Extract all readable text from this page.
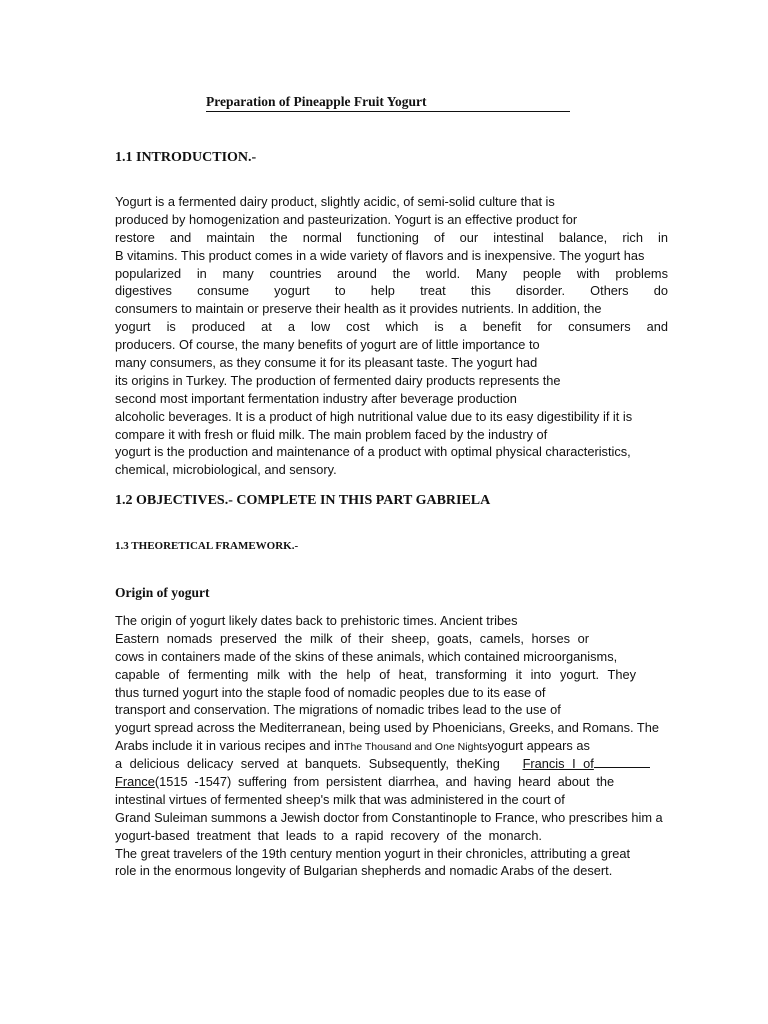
Preparation of Pineapple Fruit Yogurt
1.1 INTRODUCTION.-
Yogurt is a fermented dairy product, slightly acidic, of semi-solid culture that is
produced by homogenization and pasteurization. Yogurt is an effective product for
restore and maintain the normal functioning of our intestinal balance, rich in
B vitamins. This product comes in a wide variety of flavors and is inexpensive. The yogurt has
popularized in many countries around the world. Many people with problems
digestives consume yogurt to help treat this disorder. Others do
consumers to maintain or preserve their health as it provides nutrients. In addition, the
yogurt is produced at a low cost which is a benefit for consumers and
producers. Of course, the many benefits of yogurt are of little importance to
many consumers, as they consume it for its pleasant taste. The yogurt had
its origins in Turkey. The production of fermented dairy products represents the
second most important fermentation industry after beverage production
alcoholic beverages. It is a product of high nutritional value due to its easy digestibility if it is
compare it with fresh or fluid milk. The main problem faced by the industry of
yogurt is the production and maintenance of a product with optimal physical characteristics,
chemical, microbiological, and sensory.
1.2 OBJECTIVES.- COMPLETE IN THIS PART GABRIELA
1.3 THEORETICAL FRAMEWORK.-
Origin of yogurt
The origin of yogurt likely dates back to prehistoric times. Ancient tribes
Eastern nomads preserved the milk of their sheep, goats, camels, horses or
cows in containers made of the skins of these animals, which contained microorganisms,
capable of fermenting milk with the help of heat, transforming it into yogurt. They
thus turned yogurt into the staple food of nomadic peoples due to its ease of
transport and conservation. The migrations of nomadic tribes lead to the use of
yogurt spread across the Mediterranean, being used by Phoenicians, Greeks, and Romans. The
Arabs include it in various recipes and inThe Thousand and One Nightsyogurt appears as
a delicious delicacy served at banquets. Subsequently, theKing Francis I of
France(1515 -1547) suffering from persistent diarrhea, and having heard about the
intestinal virtues of fermented sheep's milk that was administered in the court of
Grand Suleiman summons a Jewish doctor from Constantinople to France, who prescribes him a
yogurt-based treatment that leads to a rapid recovery of the monarch.
The great travelers of the 19th century mention yogurt in their chronicles, attributing a great
role in the enormous longevity of Bulgarian shepherds and nomadic Arabs of the desert.
